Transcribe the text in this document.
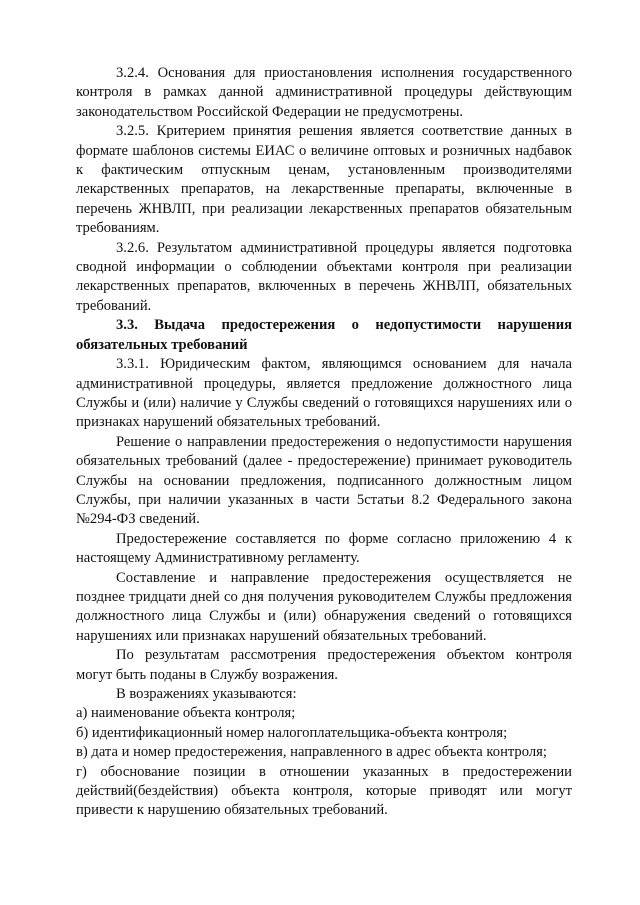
3.2.4. Основания для приостановления исполнения государственного контроля в рамках данной административной процедуры действующим законодательством Российской Федерации не предусмотрены.

3.2.5. Критерием принятия решения является соответствие данных в формате шаблонов системы ЕИАС о величине оптовых и розничных надбавок к фактическим отпускным ценам, установленным производителями лекарственных препаратов, на лекарственные препараты, включенные в перечень ЖНВЛП, при реализации лекарственных препаратов обязательным требованиям.

3.2.6. Результатом административной процедуры является подготовка сводной информации о соблюдении объектами контроля при реализации лекарственных препаратов, включенных в перечень ЖНВЛП, обязательных требований.

3.3. Выдача предостережения о недопустимости нарушения обязательных требований

3.3.1. Юридическим фактом, являющимся основанием для начала административной процедуры, является предложение должностного лица Службы и (или) наличие у Службы сведений о готовящихся нарушениях или о признаках нарушений обязательных требований.

Решение о направлении предостережения о недопустимости нарушения обязательных требований (далее - предостережение) принимает руководитель Службы на основании предложения, подписанного должностным лицом Службы, при наличии указанных в части 5статьи 8.2 Федерального закона №294-ФЗ сведений.

Предостережение составляется по форме согласно приложению 4 к настоящему Административному регламенту.

Составление и направление предостережения осуществляется не позднее тридцати дней со дня получения руководителем Службы предложения должностного лица Службы и (или) обнаружения сведений о готовящихся нарушениях или признаках нарушений обязательных требований.

По результатам рассмотрения предостережения объектом контроля могут быть поданы в Службу возражения.

В возражениях указываются:

а) наименование объекта контроля;

б) идентификационный номер налогоплательщика-объекта контроля;

в) дата и номер предостережения, направленного в адрес объекта контроля;

г) обоснование позиции в отношении указанных в предостережении действий(бездействия) объекта контроля, которые приводят или могут привести к нарушению обязательных требований.
